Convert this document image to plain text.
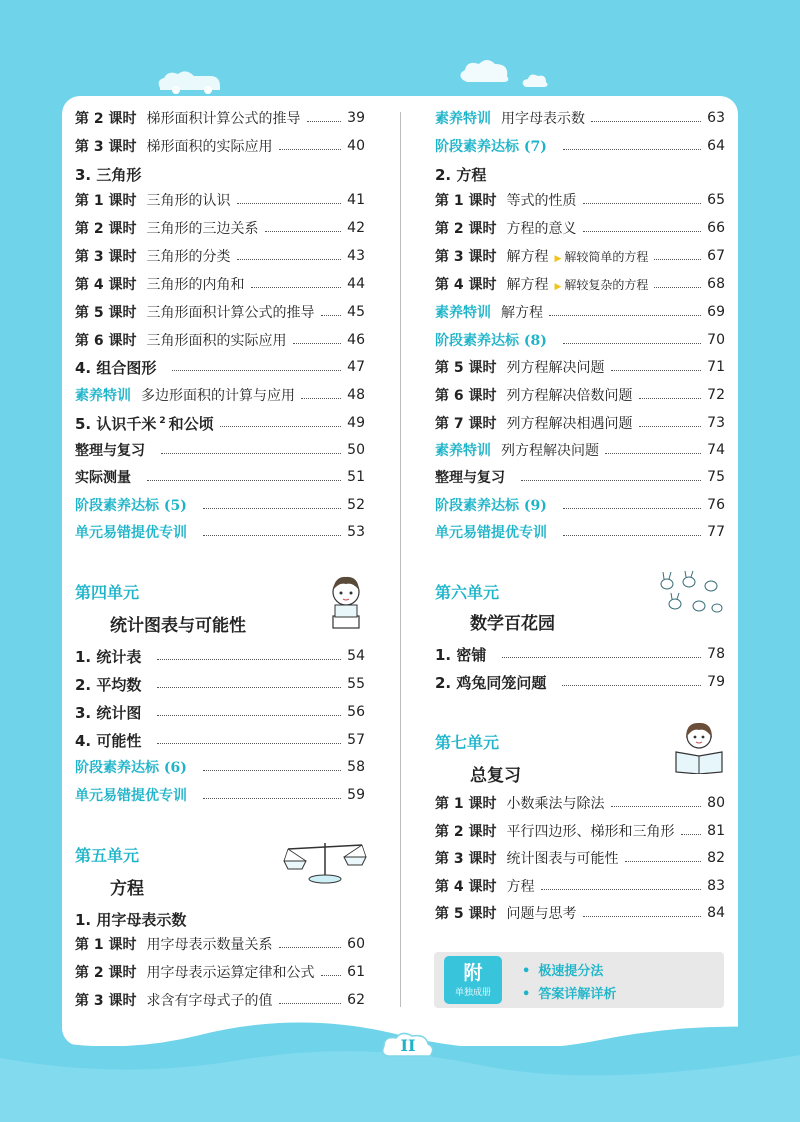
第 2 课时 梯形面积计算公式的推导	39
第 3 课时 梯形面积的实际应用	40
3. 三角形
第 1 课时 三角形的认识	41
第 2 课时 三角形的三边关系	42
第 3 课时 三角形的分类	43
第 4 课时 三角形的内角和	44
第 5 课时 三角形面积计算公式的推导 45
第 6 课时 三角形面积的实际应用	46
4. 组合图形	47
素养特训 多边形面积的计算与应用	48
5. 认识千米 $^2$ 和公顷	49
整理与复习	50
实际测量	51
阶段素养达标 (5)	52
单元易错提优专训	53
第四单元
统计图表与可能性
1. 统计表	54
2. 平均数	55
3. 统计图	56
4. 可能性	57
阶段素养达标 (6)	58
单元易错提优专训	59
第五单元
方程
1. 用字母表示数
第 1 课时 用字母表示数量关系	60
第 2 课时 用字母表示运算定律和公式 61
第 3 课时 求含有字母式子的值	62
素养特训 用字母表示数	63
阶段素养达标 (7)	64
2. 方程
第 1 课时 等式的性质	65
第 2 课时 方程的意义	66
第 3 课时 解方程 ▶ 解较简单的方程	67
第 4 课时 解方程 ▶ 解较复杂的方程	68
素养特训 解方程	69
阶段素养达标 (8)	70
第 5 课时 列方程解决问题	71
第 6 课时 列方程解决倍数问题	72
第 7 课时 列方程解决相遇问题	73
素养特训 列方程解决问题	74
整理与复习	75
阶段素养达标 (9)	76
单元易错提优专训	77
第六单元
数学百花园
1. 密铺	78
2. 鸡兔同笼问题	79
第七单元
总复习
第 1 课时 小数乘法与除法	80
第 2 课时 平行四边形、梯形和三角形 81
第 3 课时 统计图表与可能性	82
第 4 课时 方程	83
第 5 课时 问题与思考	84
附
单独成册
• 极速提分法
• 答案详解详析
II
